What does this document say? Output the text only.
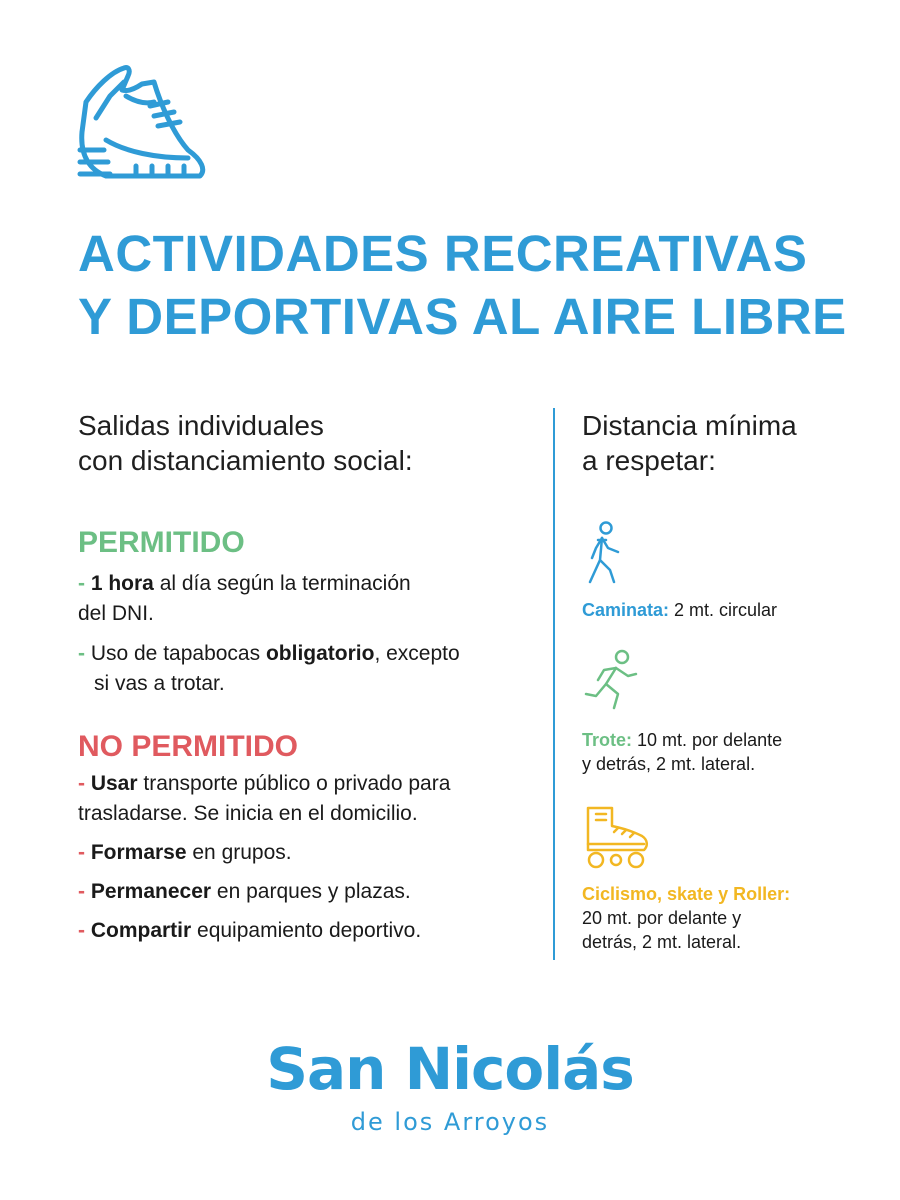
ACTIVIDADES RECREATIVAS
Y DEPORTIVAS AL AIRE LIBRE
Salidas individuales
con distanciamiento social:
PERMITIDO
- 1 hora al día según la terminación
del DNI.
- Uso de tapabocas obligatorio, excepto
si vas a trotar.
NO PERMITIDO
- Usar transporte público o privado para
trasladarse. Se inicia en el domicilio.
- Formarse en grupos.
- Permanecer en parques y plazas.
- Compartir equipamiento deportivo.
Distancia mínima
a respetar:
Caminata: 2 mt. circular
Trote: 10 mt. por delante
y detrás, 2 mt. lateral.
Ciclismo, skate y Roller:
20 mt. por delante y
detrás, 2 mt. lateral.
San Nicolás
de los Arroyos
